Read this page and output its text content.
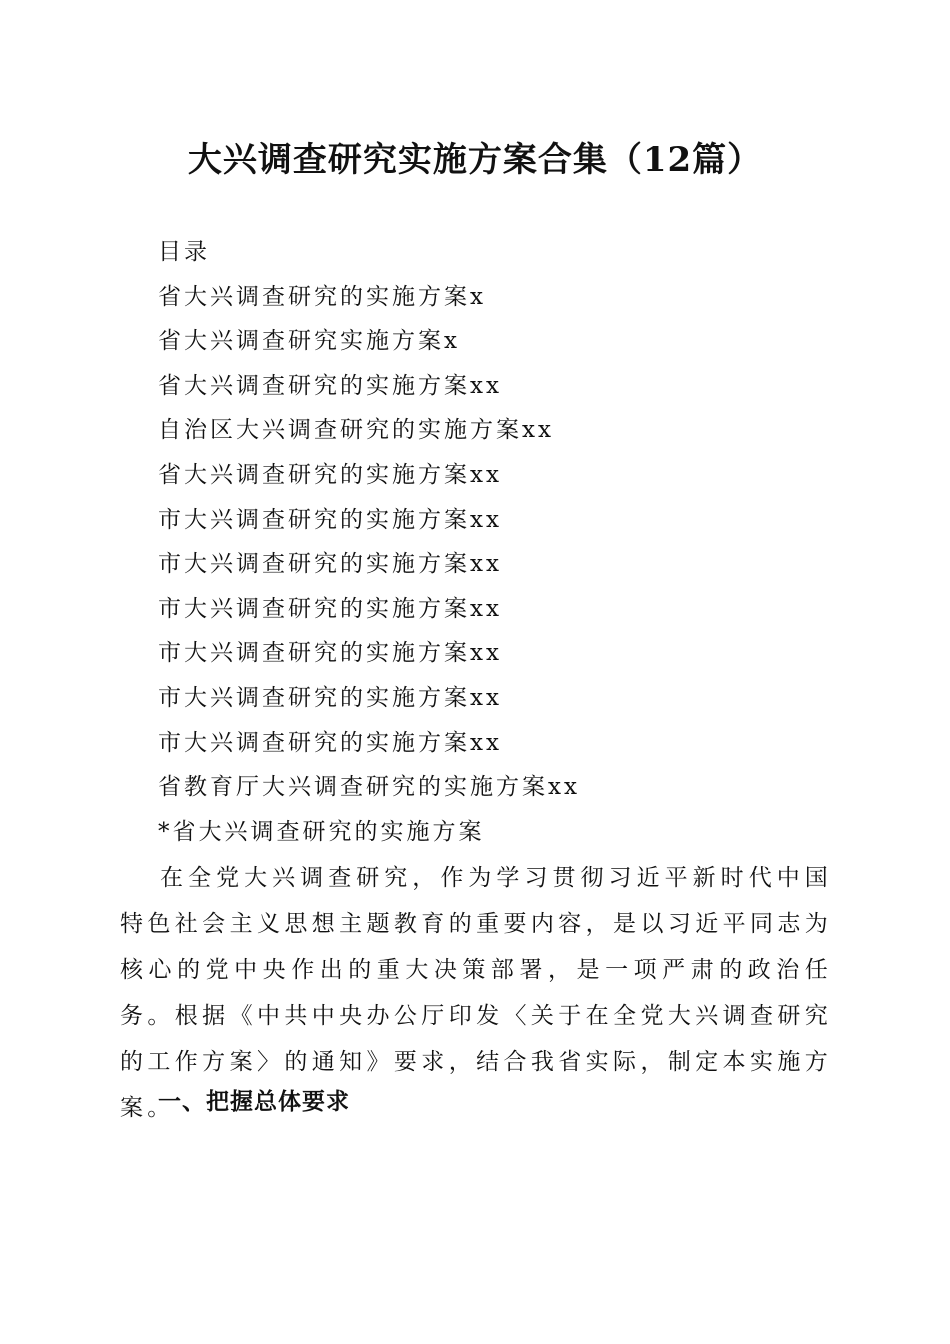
大兴调查研究实施方案合集（12篇）

目录

省大兴调查研究的实施方案x
省大兴调查研究实施方案x
省大兴调查研究的实施方案xx
自治区大兴调查研究的实施方案xx
省大兴调查研究的实施方案xx
市大兴调查研究的实施方案xx
市大兴调查研究的实施方案xx
市大兴调查研究的实施方案xx
市大兴调查研究的实施方案xx
市大兴调查研究的实施方案xx
市大兴调查研究的实施方案xx
省教育厅大兴调查研究的实施方案xx
*省大兴调查研究的实施方案

在全党大兴调查研究，作为学习贯彻习近平新时代中国特色社会主义思想主题教育的重要内容，是以习近平同志为核心的党中央作出的重大决策部署，是一项严肃的政治任务。根据《中共中央办公厅印发〈关于在全党大兴调查研究的工作方案〉的通知》要求，结合我省实际，制定本实施方案。

一、把握总体要求
